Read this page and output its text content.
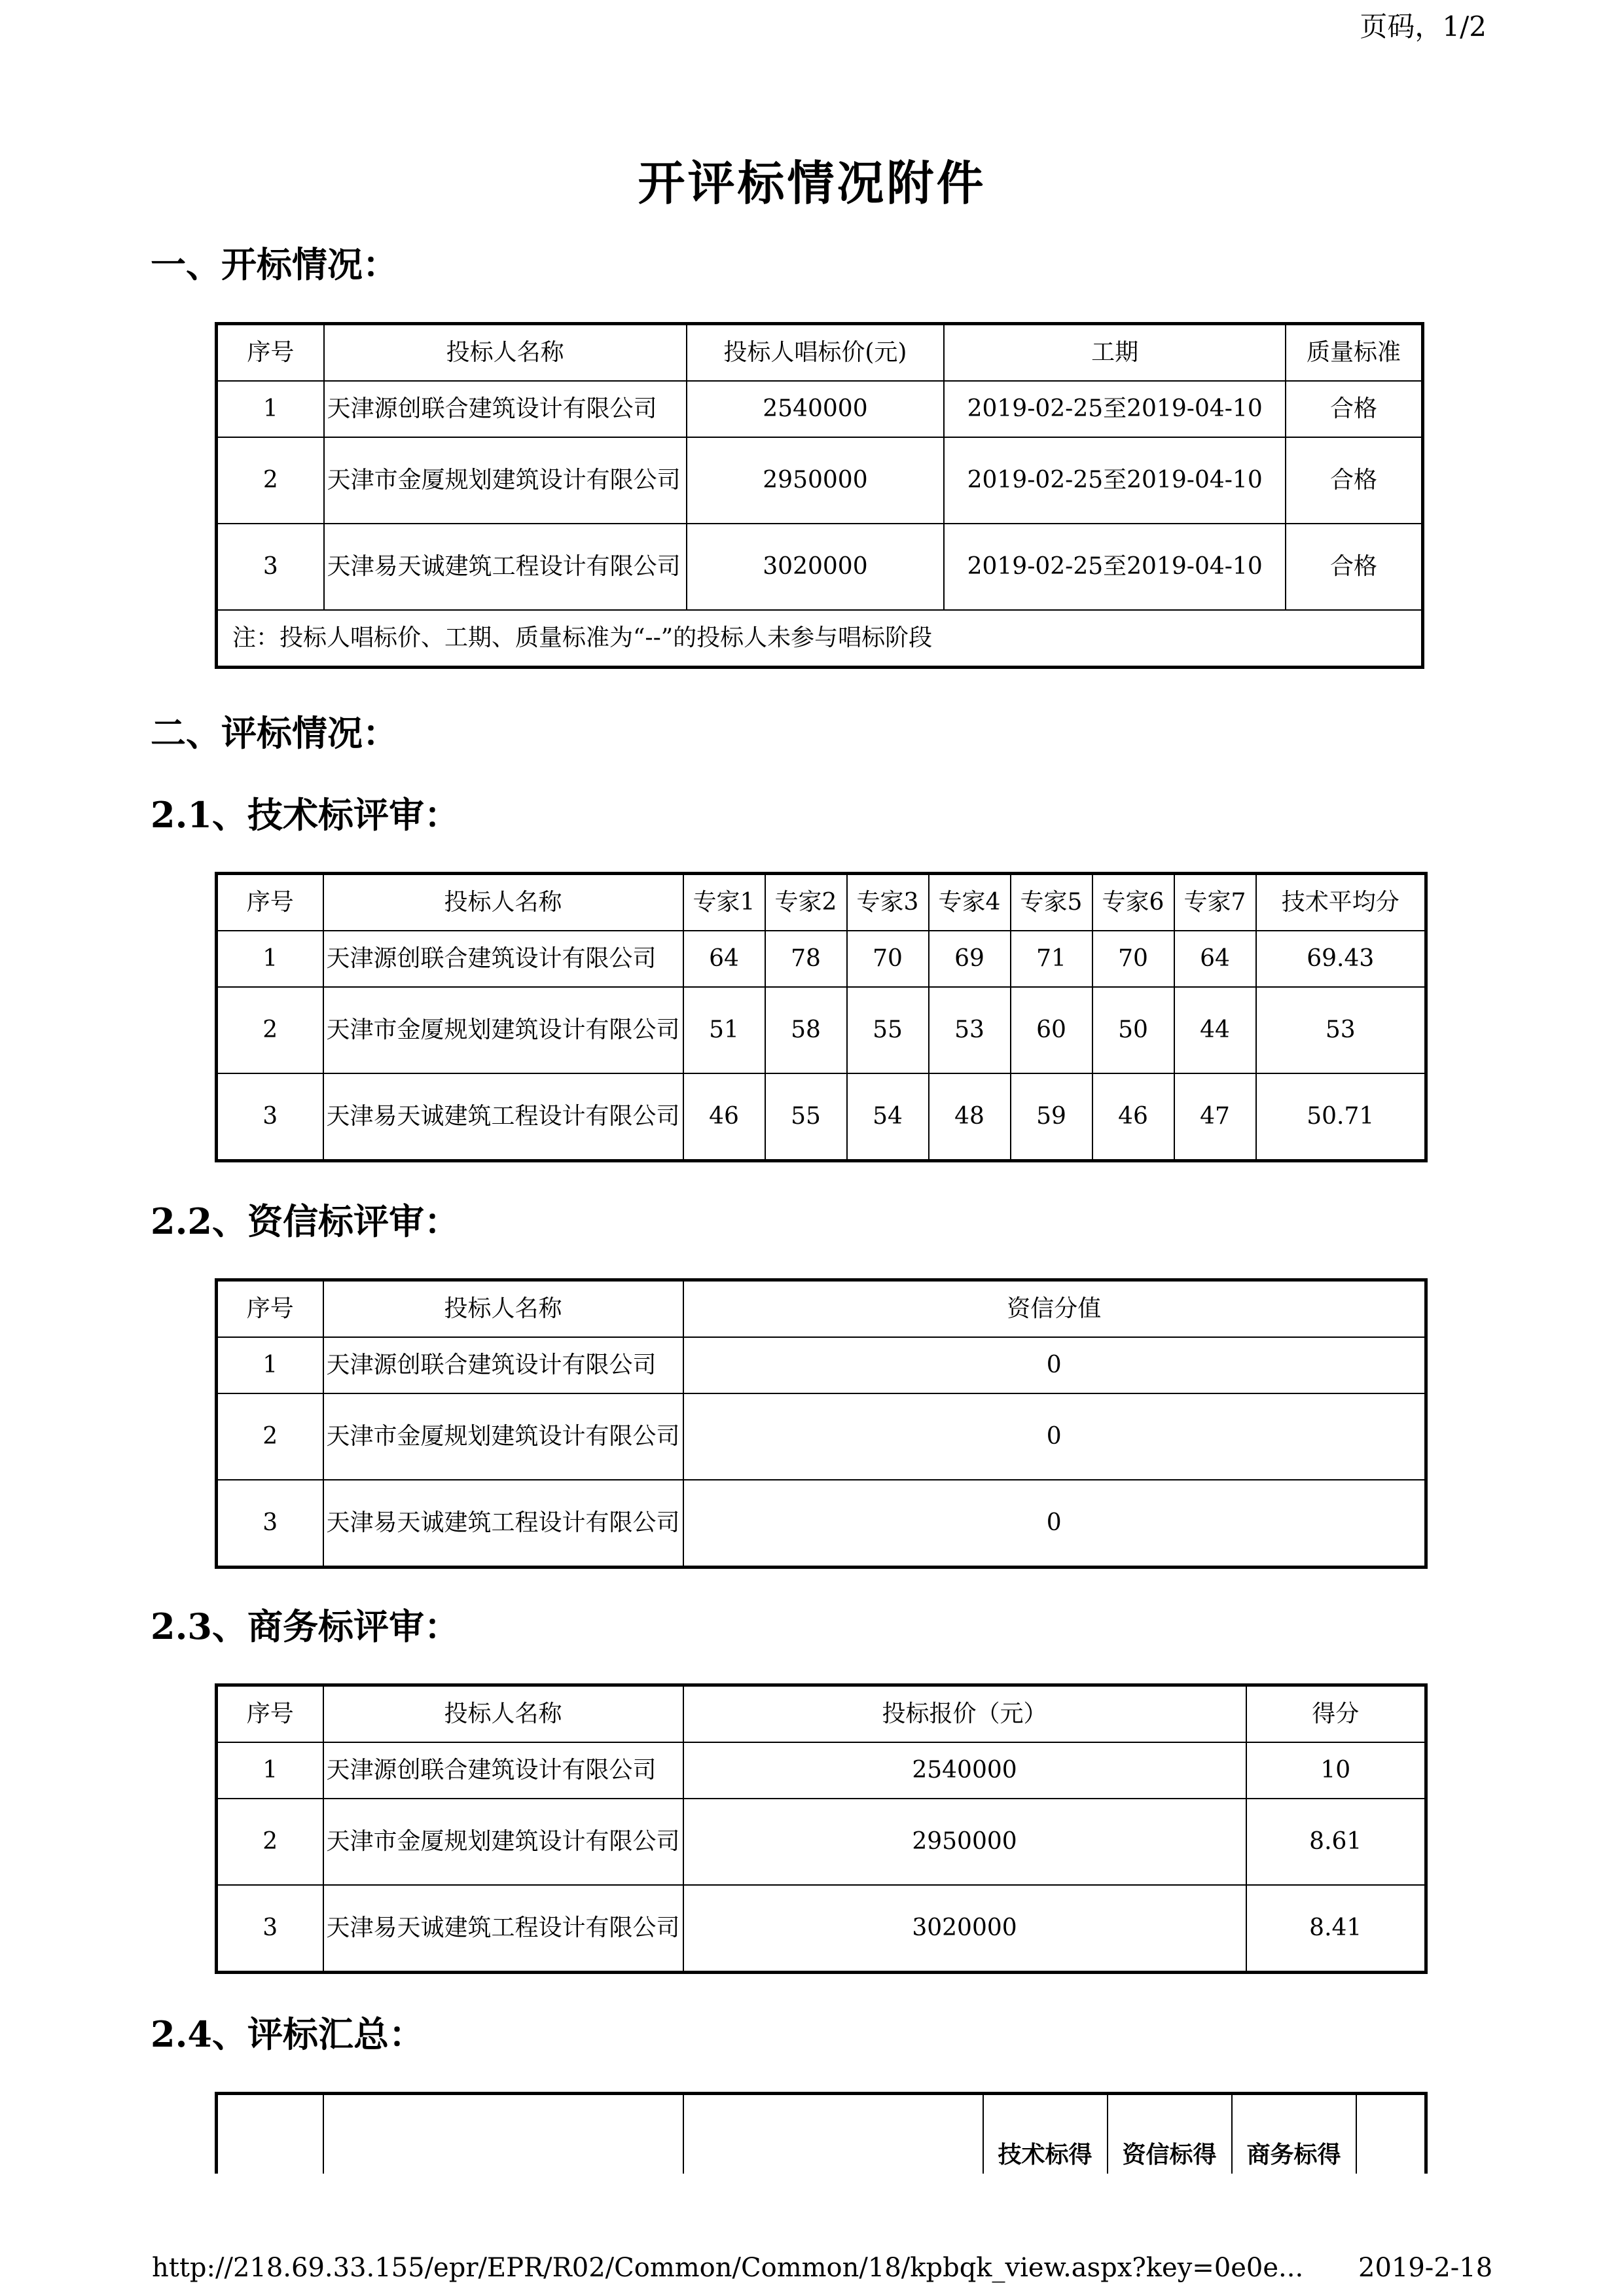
页码，1/2
开评标情况附件
一、开标情况：
序号	投标人名称	投标人唱标价(元)	工期	质量标准
1	天津源创联合建筑设计有限公司	2540000	2019-02-25至2019-04-10	合格
2	天津市金厦规划建筑设计有限公司	2950000	2019-02-25至2019-04-10	合格
3	天津易天诚建筑工程设计有限公司	3020000	2019-02-25至2019-04-10	合格
注：投标人唱标价、工期、质量标准为“--”的投标人未参与唱标阶段				
二、评标情况：
2.1、技术标评审：
序号	投标人名称	专家1	专家2	专家3	专家4	专家5	专家6	专家7	技术平均分
1	天津源创联合建筑设计有限公司	64	78	70	69	71	70	64	69.43
2	天津市金厦规划建筑设计有限公司	51	58	55	53	60	50	44	53
3	天津易天诚建筑工程设计有限公司	46	55	54	48	59	46	47	50.71
2.2、资信标评审：
序号	投标人名称	资信分值
1	天津源创联合建筑设计有限公司	0
2	天津市金厦规划建筑设计有限公司	0
3	天津易天诚建筑工程设计有限公司	0
2.3、商务标评审：
序号	投标人名称	投标报价（元）	得分
1	天津源创联合建筑设计有限公司	2540000	10
2	天津市金厦规划建筑设计有限公司	2950000	8.61
3	天津易天诚建筑工程设计有限公司	3020000	8.41
2.4、评标汇总：
			技术标得	资信标得	商务标得	
http://218.69.33.155/epr/EPR/R02/Common/Common/18/kpbqk_view.aspx?key=0e0e... 2019-2-18
